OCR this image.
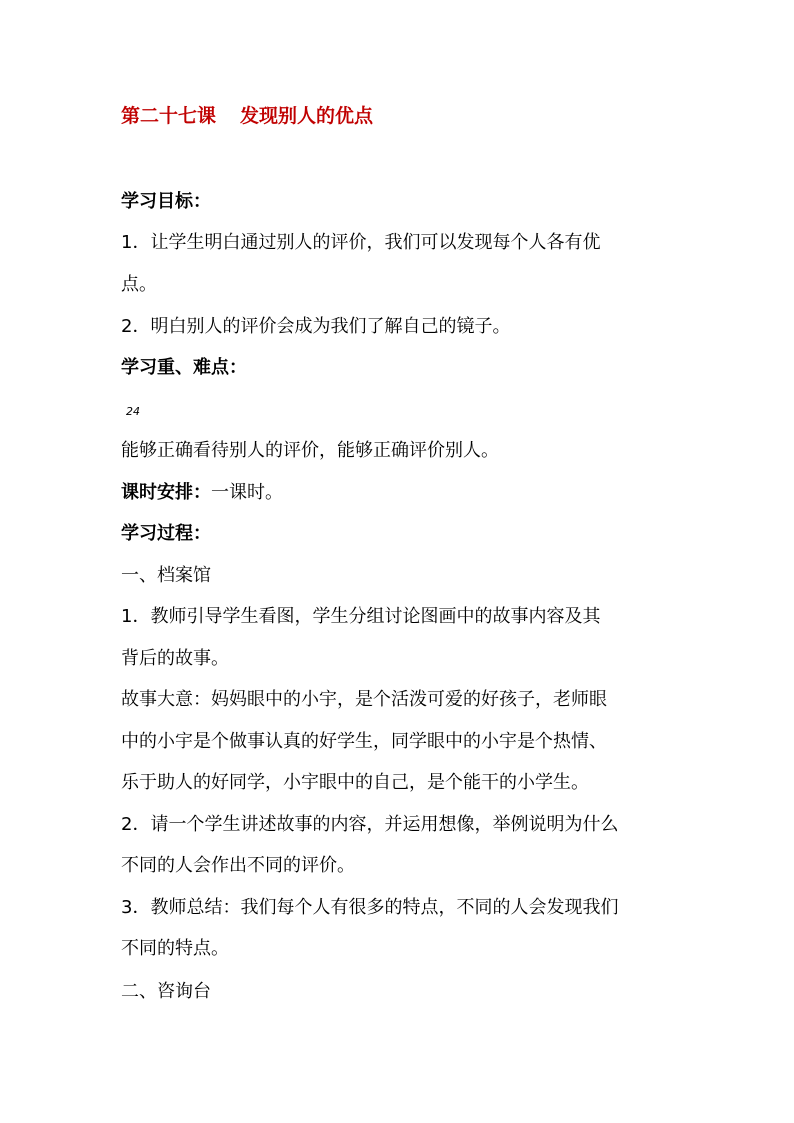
第二十七课 发现别人的优点
学习目标：
1．让学生明白通过别人的评价，我们可以发现每个人各有优
点。
2．明白别人的评价会成为我们了解自己的镜子。
学习重、难点：
24
能够正确看待别人的评价，能够正确评价别人。
课时安排：一课时。
学习过程：
一、档案馆
1．教师引导学生看图，学生分组讨论图画中的故事内容及其
背后的故事。
故事大意：妈妈眼中的小宇，是个活泼可爱的好孩子，老师眼
中的小宇是个做事认真的好学生，同学眼中的小宇是个热情、
乐于助人的好同学，小宇眼中的自己，是个能干的小学生。
2．请一个学生讲述故事的内容，并运用想像，举例说明为什么
不同的人会作出不同的评价。
3．教师总结：我们每个人有很多的特点，不同的人会发现我们
不同的特点。
二、咨询台
